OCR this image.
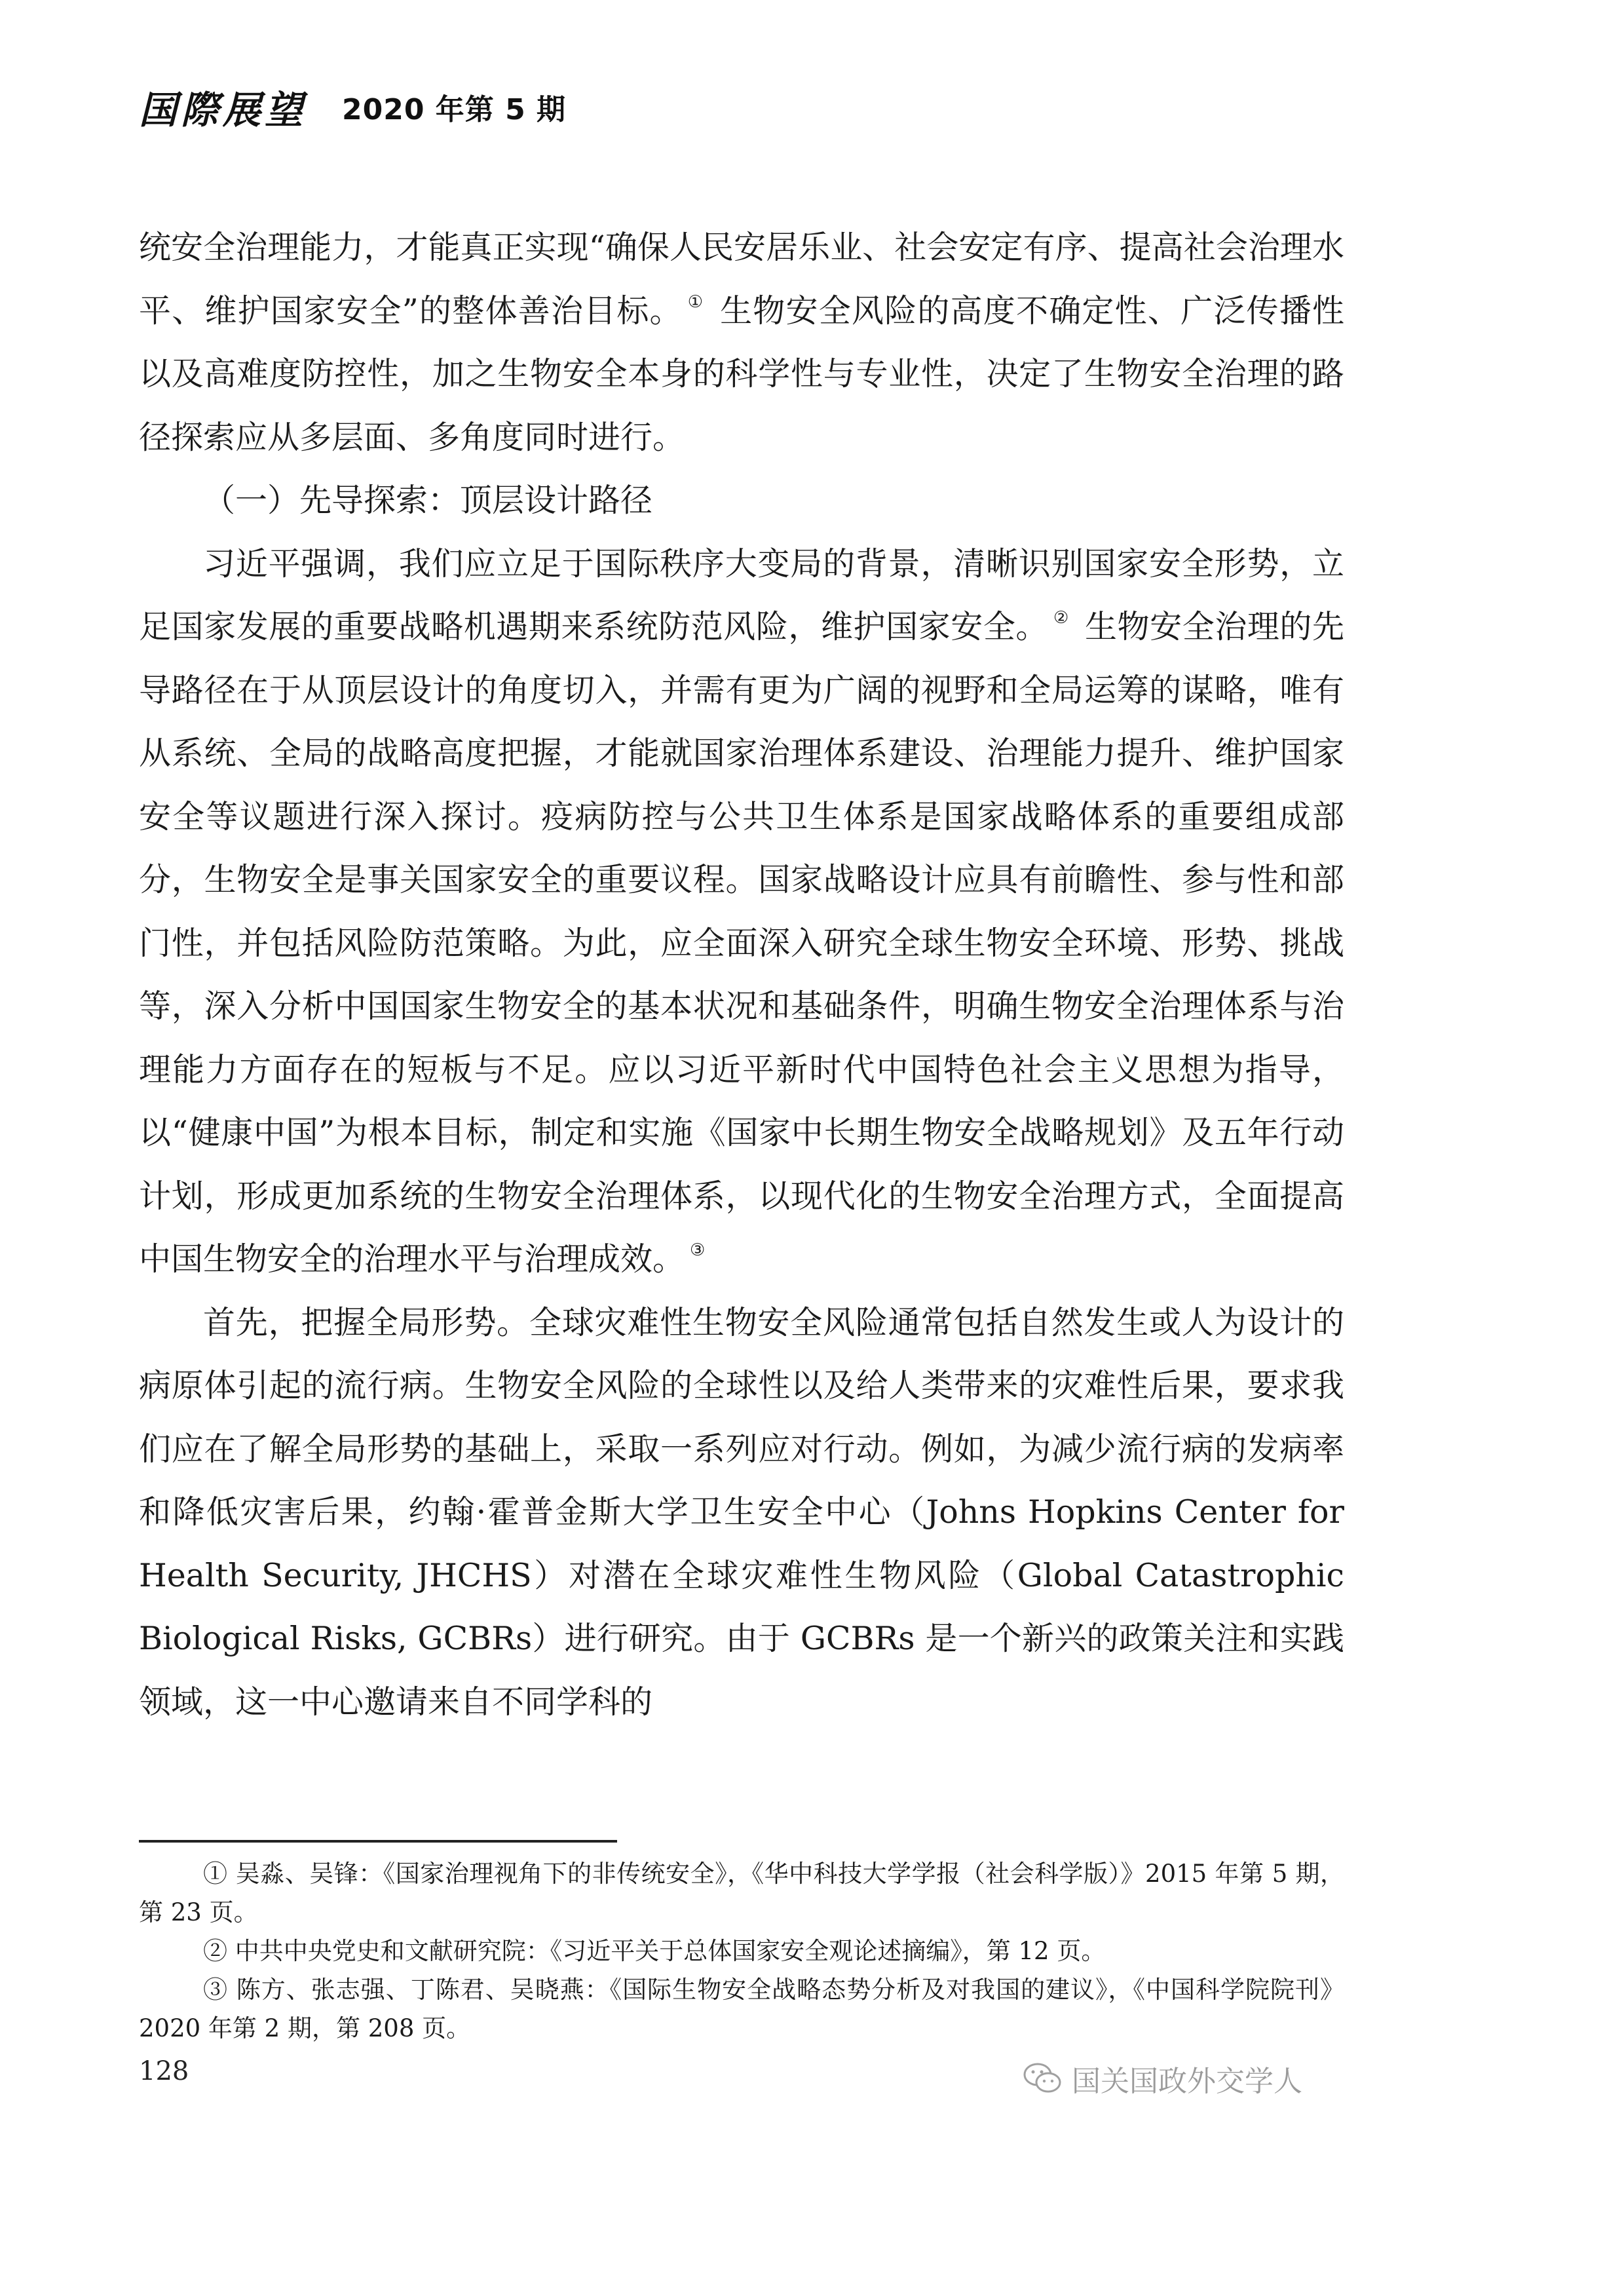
国際展望 2020 年第 5 期

统安全治理能力，才能真正实现“确保人民安居乐业、社会安定有序、提高社会治理水平、维护国家安全”的整体善治目标。 ① 生物安全风险的高度不确定性、广泛传播性以及高难度防控性，加之生物安全本身的科学性与专业性，决定了生物安全治理的路径探索应从多层面、多角度同时进行。

（一）先导探索：顶层设计路径

习近平强调，我们应立足于国际秩序大变局的背景，清晰识别国家安全形势，立足国家发展的重要战略机遇期来系统防范风险，维护国家安全。 ② 生物安全治理的先导路径在于从顶层设计的角度切入，并需有更为广阔的视野和全局运筹的谋略，唯有从系统、全局的战略高度把握，才能就国家治理体系建设、治理能力提升、维护国家安全等议题进行深入探讨。疫病防控与公共卫生体系是国家战略体系的重要组成部分，生物安全是事关国家安全的重要议程。国家战略设计应具有前瞻性、参与性和部门性，并包括风险防范策略。为此，应全面深入研究全球生物安全环境、形势、挑战等，深入分析中国国家生物安全的基本状况和基础条件，明确生物安全治理体系与治理能力方面存在的短板与不足。应以习近平新时代中国特色社会主义思想为指导，以“健康中国”为根本目标，制定和实施《国家中长期生物安全战略规划》及五年行动计划，形成更加系统的生物安全治理体系，以现代化的生物安全治理方式，全面提高中国生物安全的治理水平与治理成效。 ③

首先，把握全局形势。全球灾难性生物安全风险通常包括自然发生或人为设计的病原体引起的流行病。生物安全风险的全球性以及给人类带来的灾难性后果，要求我们应在了解全局形势的基础上，采取一系列应对行动。例如，为减少流行病的发病率和降低灾害后果，约翰·霍普金斯大学卫生安全中心（Johns Hopkins Center for Health Security, JHCHS）对潜在全球灾难性生物风险（Global Catastrophic Biological Risks, GCBRs）进行研究。由于 GCBRs 是一个新兴的政策关注和实践领域，这一中心邀请来自不同学科的

① 吴淼、吴锋：《国家治理视角下的非传统安全》，《华中科技大学学报（社会科学版）》2015 年第 5 期，第 23 页。

② 中共中央党史和文献研究院：《习近平关于总体国家安全观论述摘编》，第 12 页。

③ 陈方、张志强、丁陈君、吴晓燕：《国际生物安全战略态势分析及对我国的建议》，《中国科学院院刊》2020 年第 2 期，第 208 页。

128	国关国政外交学人
